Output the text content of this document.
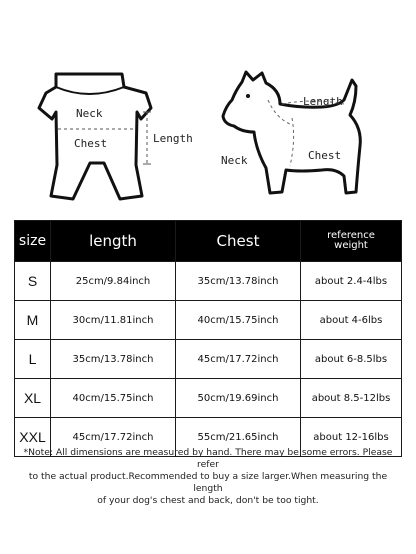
Neck
Chest	Length
Length
Neck	Chest
size	length	Chest	reference
weight

S	25cm/9.84inch	35cm/13.78inch	about 2.4-4lbs
M	30cm/11.81inch	40cm/15.75inch	about 4-6lbs
L	35cm/13.78inch	45cm/17.72inch	about 6-8.5lbs
XL	40cm/15.75inch	50cm/19.69inch	about 8.5-12lbs
XXL	45cm/17.72inch	55cm/21.65inch	about 12-16lbs
*Note: All dimensions are measured by hand. There may be some errors. Please refer
to the actual product.Recommended to buy a size larger.When measuring the length
of your dog's chest and back, don't be too tight.
